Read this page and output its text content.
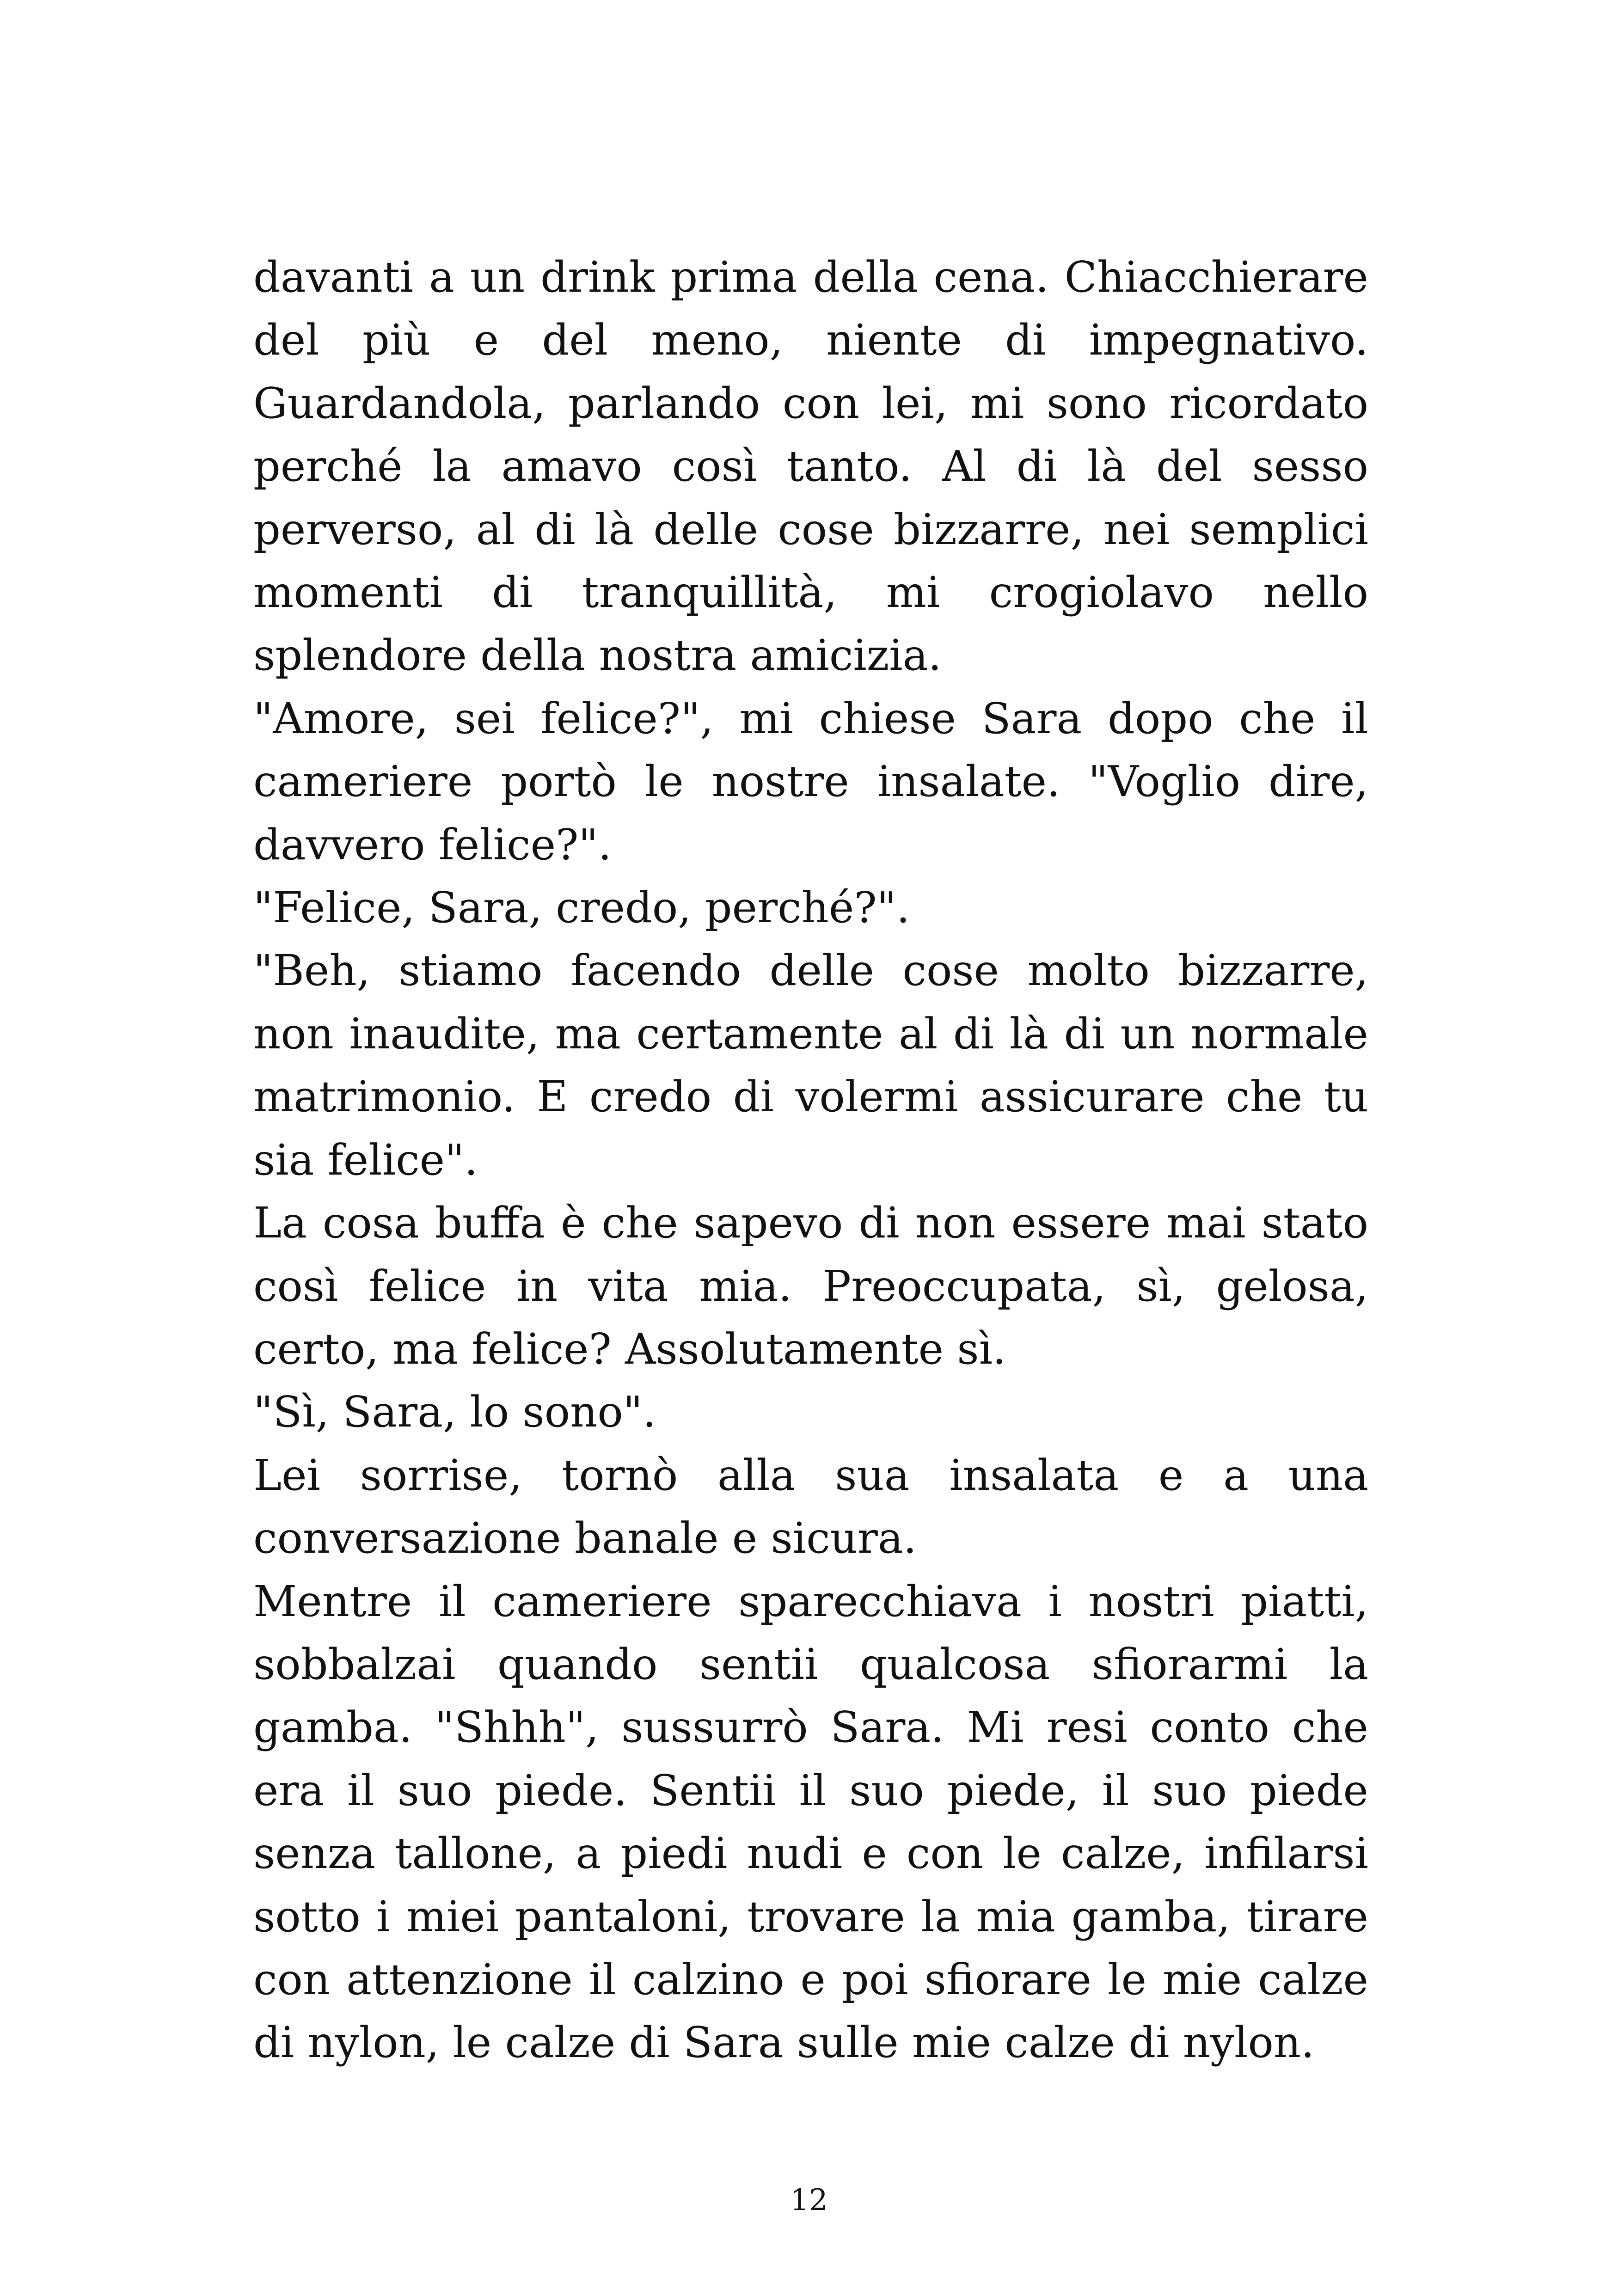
davanti a un drink prima della cena. Chiacchierare del più e del meno, niente di impegnativo. Guardandola, parlando con lei, mi sono ricordato perché la amavo così tanto. Al di là del sesso perverso, al di là delle cose bizzarre, nei semplici momenti di tranquillità, mi crogiolavo nello splendore della nostra amicizia.

"Amore, sei felice?", mi chiese Sara dopo che il cameriere portò le nostre insalate. "Voglio dire, davvero felice?".

"Felice, Sara, credo, perché?".

"Beh, stiamo facendo delle cose molto bizzarre, non inaudite, ma certamente al di là di un normale matrimonio. E credo di volermi assicurare che tu sia felice".

La cosa buffa è che sapevo di non essere mai stato così felice in vita mia. Preoccupata, sì, gelosa, certo, ma felice? Assolutamente sì.

"Sì, Sara, lo sono".

Lei sorrise, tornò alla sua insalata e a una conversazione banale e sicura.

Mentre il cameriere sparecchiava i nostri piatti, sobbalzai quando sentii qualcosa sfiorarmi la gamba. "Shhh", sussurrò Sara. Mi resi conto che era il suo piede. Sentii il suo piede, il suo piede senza tallone, a piedi nudi e con le calze, infilarsi sotto i miei pantaloni, trovare la mia gamba, tirare con attenzione il calzino e poi sfiorare le mie calze di nylon, le calze di Sara sulle mie calze di nylon.

12
